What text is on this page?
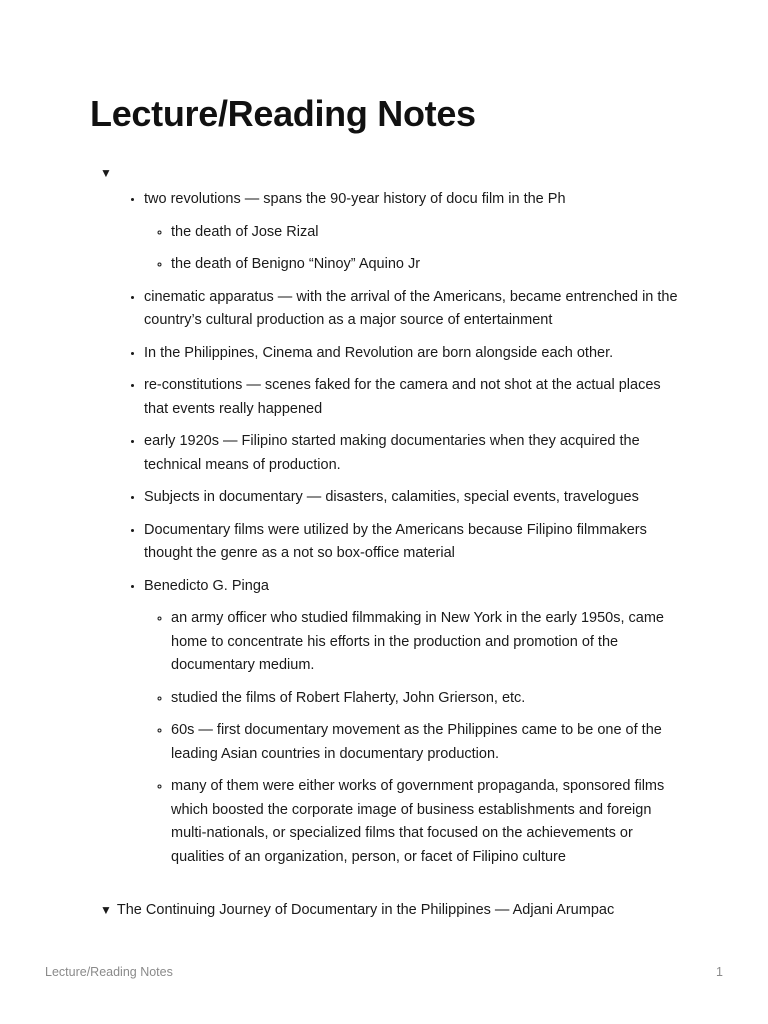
Lecture/Reading Notes
▼
• two revolutions — spans the 90-year history of docu film in the Ph
◦ the death of Jose Rizal
◦ the death of Benigno “Ninoy” Aquino Jr
• cinematic apparatus — with the arrival of the Americans, became entrenched in the country’s cultural production as a major source of entertainment
• In the Philippines, Cinema and Revolution are born alongside each other.
• re-constitutions — scenes faked for the camera and not shot at the actual places that events really happened
• early 1920s — Filipino started making documentaries when they acquired the technical means of production.
• Subjects in documentary — disasters, calamities, special events, travelogues
• Documentary films were utilized by the Americans because Filipino filmmakers thought the genre as a not so box-office material
• Benedicto G. Pinga
◦ an army officer who studied filmmaking in New York in the early 1950s, came home to concentrate his efforts in the production and promotion of the documentary medium.
◦ studied the films of Robert Flaherty, John Grierson, etc.
◦ 60s — first documentary movement as the Philippines came to be one of the leading Asian countries in documentary production.
◦ many of them were either works of government propaganda, sponsored films which boosted the corporate image of business establishments and foreign multi-nationals, or specialized films that focused on the achievements or qualities of an organization, person, or facet of Filipino culture
▼ The Continuing Journey of Documentary in the Philippines — Adjani Arumpac
Lecture/Reading Notes	1
